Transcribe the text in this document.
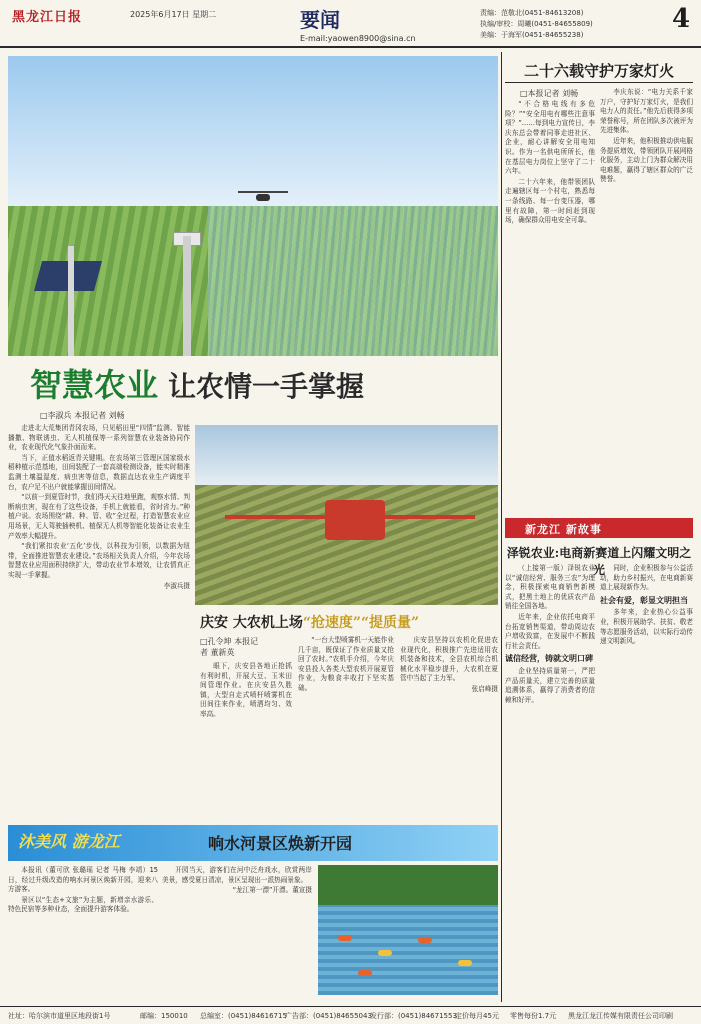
黑龙江日报	2025年6月17日 星期二	要闻
E-mail:yaowen8900@sina.cn
责编：范敬北(0451-84613208)
执编/审校：周曦(0451-84655809)
美编：于海军(0451-84655238)
4
智慧农业 让农情一手掌握
□李淑兵 本报记者 刘畅

走进北大荒集团青冈农场，只见稻田里“四情”监测、智能播撒、物联诱虫、无人机植保等一系列智慧农业装备协同作业，农业现代化气象扑面而来。

当下，正值水稻返青关键期。在农场第三管理区国家级水稻种植示范基地，田间装配了一套高端检测设备，能实时精准监测土壤温湿度、病虫害等信息，数据直达农业生产调度平台，农户足不出户就能掌握田间情况。

“以前一到夏管时节，我们得天天往地里跑，观察水情、判断病虫害，现在有了这些设备，手机上就能看，省时省力。”种植户说。农场围绕“耕、种、管、收”全过程，打造智慧农业应用场景，无人驾驶插秧机、植保无人机等智能化装备让农业生产效率大幅提升。

“我们紧扣农业‘五化’步伐，以科技为引领，以数据为纽带，全面推进智慧农业建设。”农场相关负责人介绍，今年农场智慧农业应用面积持续扩大，带动农业节本增效，让农情真正实现一手掌握。

李淑兵摄

庆安 大农机上场“抢速度”“提质量”
□孔令坤 本报记者 董新英

眼下，庆安县各地正抢抓有利时机，开展大豆、玉米田间管理作业。在庆安县久胜镇，大型自走式喷杆喷雾机在田间往来作业，喷洒均匀、效率高。

“一台大型喷雾机一天能作业几千亩，既保证了作业质量又抢回了农时。”农机手介绍，今年庆安县投入各类大型农机开展夏管作业，为粮食丰收打下坚实基础。

庆安县坚持以农机化促进农业现代化，积极推广先进适用农机装备和技术，全县农机综合机械化水平稳步提升，大农机在夏管中当起了主力军。

张启峰摄

二十六载守护万家灯火
□本报记者 刘畅

“不合格电线有多危险？”“安全用电有哪些注意事项？”……每到电力宣传日，李庆东总会带着同事走进社区、企业，耐心讲解安全用电知识。作为一名供电所所长，他在基层电力岗位上坚守了二十六年。

二十六年来，他带领团队走遍辖区每一个村屯，熟悉每一条线路、每一台变压器，哪里有故障，第一时间赶到现场，确保群众用电安全可靠。

李庆东说：“电力关系千家万户，守护好万家灯火，是我们电力人的责任。”他先后获得多项荣誉称号，所在团队多次被评为先进集体。

近年来，他积极推动供电服务提质增效，带领团队开展网格化服务，主动上门为群众解决用电难题，赢得了辖区群众的广泛赞誉。

新龙江 新故事
泽锐农业:电商新赛道上闪耀文明之光

（上接第一版）泽锐农业以“诚信经营、服务三农”为理念，积极探索电商销售新模式，把黑土地上的优质农产品销往全国各地。

近年来，企业依托电商平台拓宽销售渠道，带动周边农户增收致富，在发展中不断践行社会责任。

诚信经营，铸就文明口碑

企业坚持质量第一，严把产品质量关，建立完善的质量追溯体系，赢得了消费者的信赖和好评。

同时，企业积极参与公益活动，助力乡村振兴，在电商新赛道上展现新作为。

社会有爱，彰显文明担当

多年来，企业热心公益事业，积极开展助学、扶贫、敬老等志愿服务活动，以实际行动传递文明新风。

沐美风 游龙江	响水河景区焕新开园

本报讯（董可欣 张璐瑶 记者 马梅 李靖）15日，经过升级改造的响水河景区焕新开园，迎来八方游客。

景区以“生态+文旅”为主题，新增亲水游乐、特色民宿等多种业态，全面提升游客体验。

开园当天，游客们在河中泛舟戏水，欣赏两岸美景，感受夏日清凉，景区呈现出一派热闹景象。

“龙江第一漂”开漂。董宣摄

社址：哈尔滨市道里区地段街1号	邮编：150010 总编室：(0451)84616715
广告部：(0451)84655043
发行部：(0451)84671553
定价每月45元 零售每份1.7元 黑龙江龙江传媒有限责任公司印刷
